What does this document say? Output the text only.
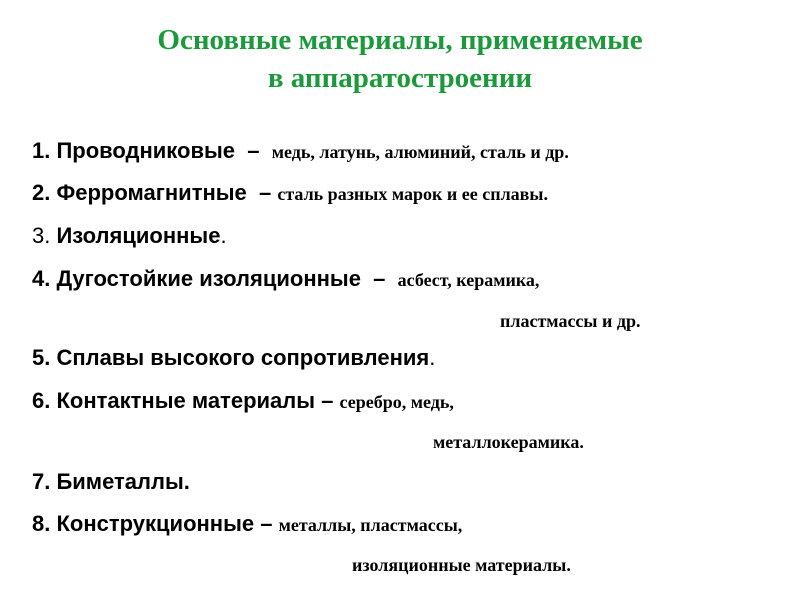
Основные материалы, применяемые
в аппаратостроении
1. Проводниковые  –  медь, латунь, алюминий, сталь и др.
2. Ферромагнитные  – сталь разных марок и ее сплавы.
3. Изоляционные.
4. Дугостойкие изоляционные  –  асбест, керамика,
пластмассы и др.
5. Сплавы высокого сопротивления.
6. Контактные материалы – серебро, медь,
металлокерамика.
7. Биметаллы.
8. Конструкционные – металлы, пластмассы,
изоляционные материалы.
